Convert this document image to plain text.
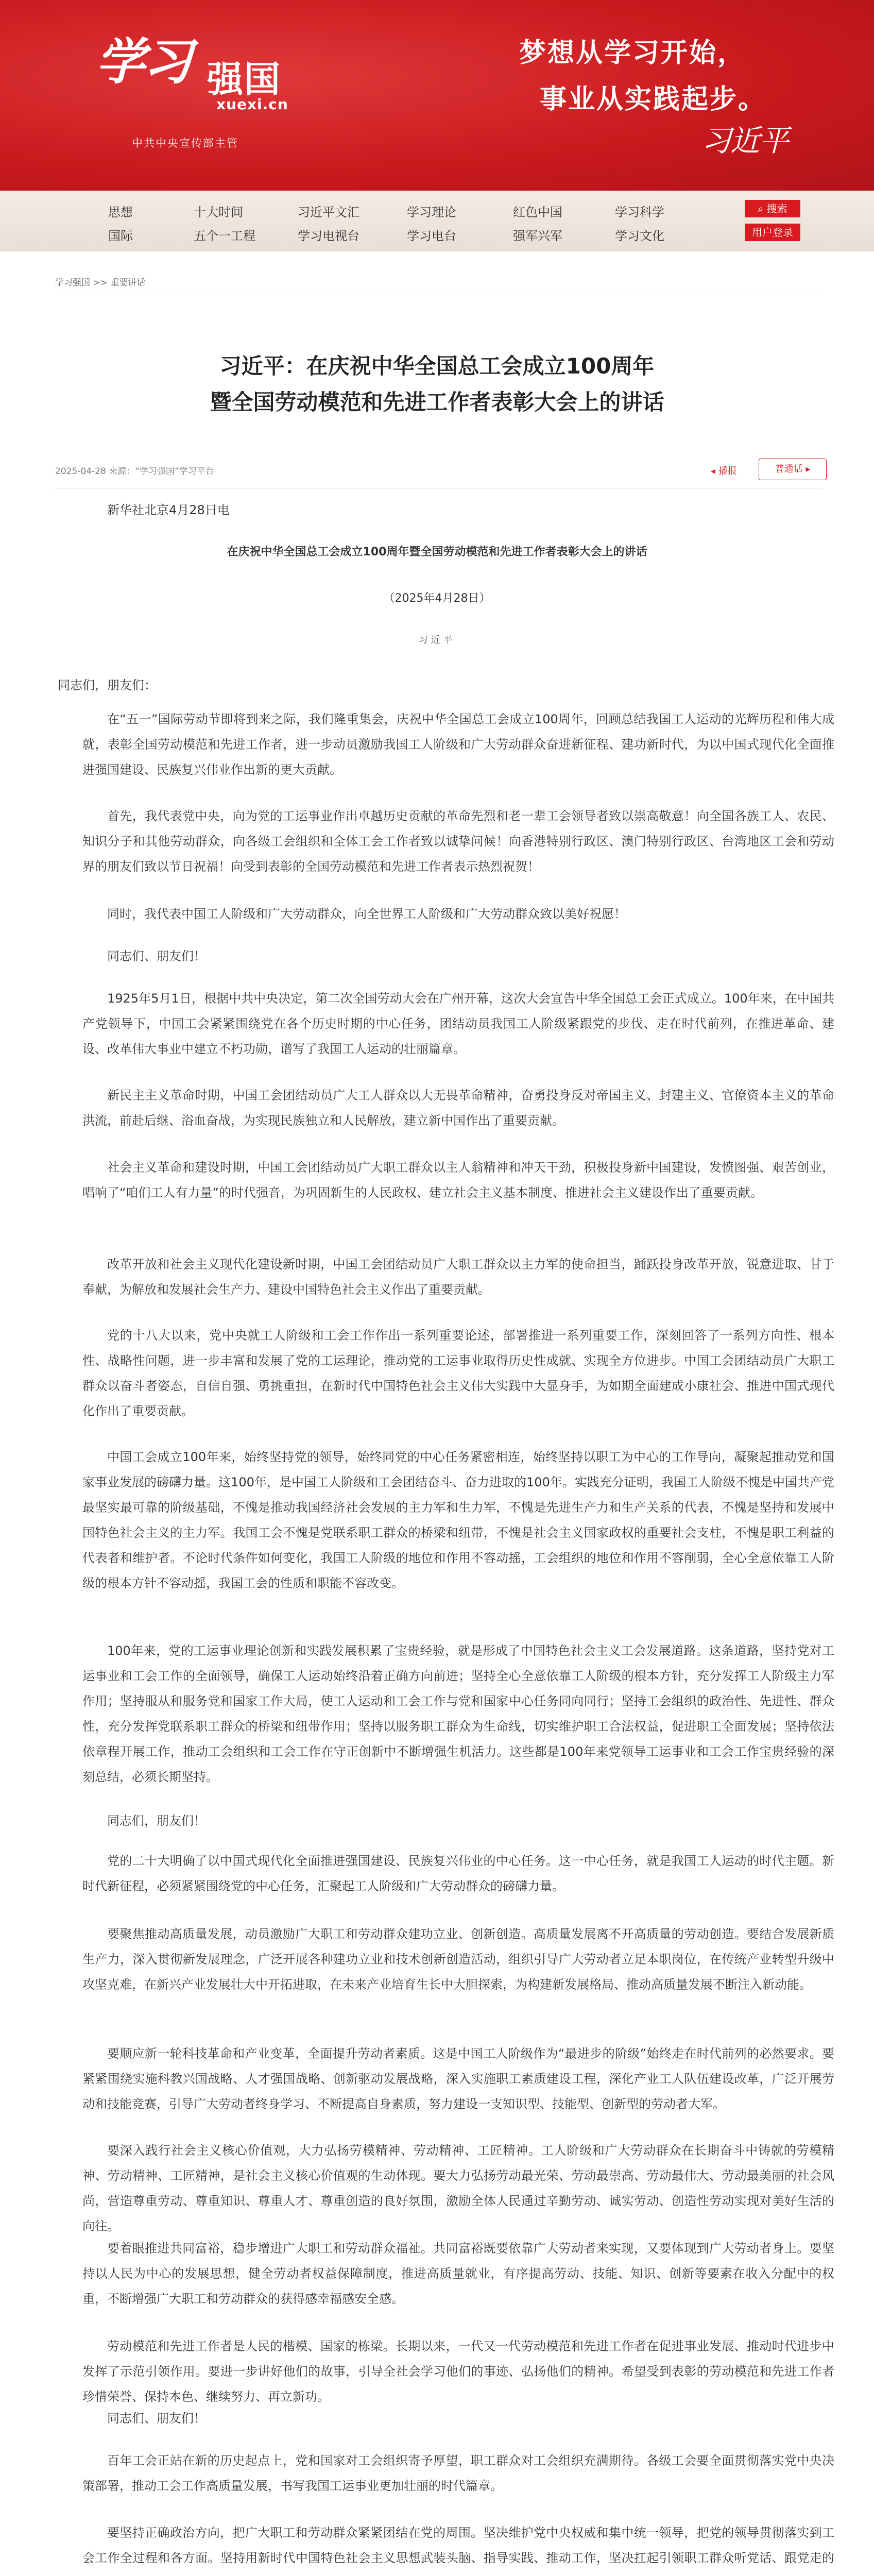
学习 强国
xuexi.cn
中共中央宣传部主管
梦想从学习开始，
事业从实践起步。
习近平
思想	十大时间	习近平文汇	学习理论	红色中国	学习科学
国际	五个一工程	学习电视台	学习电台	强军兴军	学习文化
⌕ 搜索
用户登录
学习强国 >> 重要讲话
习近平：在庆祝中华全国总工会成立100周年
暨全国劳动模范和先进工作者表彰大会上的讲话
2025-04-28 来源：“学习强国”学习平台	◂ 播报	普通话 ▸
新华社北京4月28日电
在庆祝中华全国总工会成立100周年暨全国劳动模范和先进工作者表彰大会上的讲话
（2025年4月28日）
习近平
同志们，朋友们：
在“五一”国际劳动节即将到来之际，我们隆重集会，庆祝中华全国总工会成立100周年，回顾总结我国工人运动的光辉历程和伟大成就，表彰全国劳动模范和先进工作者，进一步动员激励我国工人阶级和广大劳动群众奋进新征程、建功新时代，为以中国式现代化全面推进强国建设、民族复兴伟业作出新的更大贡献。
首先，我代表党中央，向为党的工运事业作出卓越历史贡献的革命先烈和老一辈工会领导者致以崇高敬意！向全国各族工人、农民、知识分子和其他劳动群众，向各级工会组织和全体工会工作者致以诚挚问候！向香港特别行政区、澳门特别行政区、台湾地区工会和劳动界的朋友们致以节日祝福！向受到表彰的全国劳动模范和先进工作者表示热烈祝贺！
同时，我代表中国工人阶级和广大劳动群众，向全世界工人阶级和广大劳动群众致以美好祝愿！
同志们、朋友们！
1925年5月1日，根据中共中央决定，第二次全国劳动大会在广州开幕，这次大会宣告中华全国总工会正式成立。100年来，在中国共产党领导下，中国工会紧紧围绕党在各个历史时期的中心任务，团结动员我国工人阶级紧跟党的步伐、走在时代前列，在推进革命、建设、改革伟大事业中建立不朽功勋，谱写了我国工人运动的壮丽篇章。
新民主主义革命时期，中国工会团结动员广大工人群众以大无畏革命精神，奋勇投身反对帝国主义、封建主义、官僚资本主义的革命洪流，前赴后继、浴血奋战，为实现民族独立和人民解放，建立新中国作出了重要贡献。
社会主义革命和建设时期，中国工会团结动员广大职工群众以主人翁精神和冲天干劲，积极投身新中国建设，发愤图强、艰苦创业，唱响了“咱们工人有力量”的时代强音，为巩固新生的人民政权、建立社会主义基本制度、推进社会主义建设作出了重要贡献。
改革开放和社会主义现代化建设新时期，中国工会团结动员广大职工群众以主力军的使命担当，踊跃投身改革开放，锐意进取、甘于奉献，为解放和发展社会生产力、建设中国特色社会主义作出了重要贡献。
党的十八大以来，党中央就工人阶级和工会工作作出一系列重要论述，部署推进一系列重要工作，深刻回答了一系列方向性、根本性、战略性问题，进一步丰富和发展了党的工运理论，推动党的工运事业取得历史性成就、实现全方位进步。中国工会团结动员广大职工群众以奋斗者姿态，自信自强、勇挑重担，在新时代中国特色社会主义伟大实践中大显身手，为如期全面建成小康社会、推进中国式现代化作出了重要贡献。
中国工会成立100年来，始终坚持党的领导，始终同党的中心任务紧密相连，始终坚持以职工为中心的工作导向，凝聚起推动党和国家事业发展的磅礴力量。这100年，是中国工人阶级和工会团结奋斗、奋力进取的100年。实践充分证明，我国工人阶级不愧是中国共产党最坚实最可靠的阶级基础，不愧是推动我国经济社会发展的主力军和生力军，不愧是先进生产力和生产关系的代表，不愧是坚持和发展中国特色社会主义的主力军。我国工会不愧是党联系职工群众的桥梁和纽带，不愧是社会主义国家政权的重要社会支柱，不愧是职工利益的代表者和维护者。不论时代条件如何变化，我国工人阶级的地位和作用不容动摇，工会组织的地位和作用不容削弱，全心全意依靠工人阶级的根本方针不容动摇，我国工会的性质和职能不容改变。
100年来，党的工运事业理论创新和实践发展积累了宝贵经验，就是形成了中国特色社会主义工会发展道路。这条道路，坚持党对工运事业和工会工作的全面领导，确保工人运动始终沿着正确方向前进；坚持全心全意依靠工人阶级的根本方针，充分发挥工人阶级主力军作用；坚持服从和服务党和国家工作大局，使工人运动和工会工作与党和国家中心任务同向同行；坚持工会组织的政治性、先进性、群众性，充分发挥党联系职工群众的桥梁和纽带作用；坚持以服务职工群众为生命线，切实维护职工合法权益，促进职工全面发展；坚持依法依章程开展工作，推动工会组织和工会工作在守正创新中不断增强生机活力。这些都是100年来党领导工运事业和工会工作宝贵经验的深刻总结，必须长期坚持。
同志们，朋友们！
党的二十大明确了以中国式现代化全面推进强国建设、民族复兴伟业的中心任务。这一中心任务，就是我国工人运动的时代主题。新时代新征程，必须紧紧围绕党的中心任务，汇聚起工人阶级和广大劳动群众的磅礴力量。
要聚焦推动高质量发展，动员激励广大职工和劳动群众建功立业、创新创造。高质量发展离不开高质量的劳动创造。要结合发展新质生产力，深入贯彻新发展理念，广泛开展各种建功立业和技术创新创造活动，组织引导广大劳动者立足本职岗位，在传统产业转型升级中攻坚克难，在新兴产业发展壮大中开拓进取，在未来产业培育生长中大胆探索，为构建新发展格局、推动高质量发展不断注入新动能。
要顺应新一轮科技革命和产业变革，全面提升劳动者素质。这是中国工人阶级作为“最进步的阶级”始终走在时代前列的必然要求。要紧紧围绕实施科教兴国战略、人才强国战略、创新驱动发展战略，深入实施职工素质建设工程，深化产业工人队伍建设改革，广泛开展劳动和技能竞赛，引导广大劳动者终身学习、不断提高自身素质，努力建设一支知识型、技能型、创新型的劳动者大军。
要深入践行社会主义核心价值观，大力弘扬劳模精神、劳动精神、工匠精神。工人阶级和广大劳动群众在长期奋斗中铸就的劳模精神、劳动精神、工匠精神，是社会主义核心价值观的生动体现。要大力弘扬劳动最光荣、劳动最崇高、劳动最伟大、劳动最美丽的社会风尚，营造尊重劳动、尊重知识、尊重人才、尊重创造的良好氛围，激励全体人民通过辛勤劳动、诚实劳动、创造性劳动实现对美好生活的向往。
要着眼推进共同富裕，稳步增进广大职工和劳动群众福祉。共同富裕既要依靠广大劳动者来实现，又要体现到广大劳动者身上。要坚持以人民为中心的发展思想，健全劳动者权益保障制度，推进高质量就业，有序提高劳动、技能、知识、创新等要素在收入分配中的权重，不断增强广大职工和劳动群众的获得感幸福感安全感。
劳动模范和先进工作者是人民的楷模、国家的栋梁。长期以来，一代又一代劳动模范和先进工作者在促进事业发展、推动时代进步中发挥了示范引领作用。要进一步讲好他们的故事，引导全社会学习他们的事迹、弘扬他们的精神。希望受到表彰的劳动模范和先进工作者珍惜荣誉、保持本色、继续努力、再立新功。
同志们、朋友们！
百年工会正站在新的历史起点上，党和国家对工会组织寄予厚望，职工群众对工会组织充满期待。各级工会要全面贯彻落实党中央决策部署，推动工会工作高质量发展，书写我国工运事业更加壮丽的时代篇章。
要坚持正确政治方向，把广大职工和劳动群众紧紧团结在党的周围。坚决维护党中央权威和集中统一领导，把党的领导贯彻落实到工会工作全过程和各方面。坚持用新时代中国特色社会主义思想武装头脑、指导实践、推动工作，坚决扛起引领职工群众听党话、跟党走的
